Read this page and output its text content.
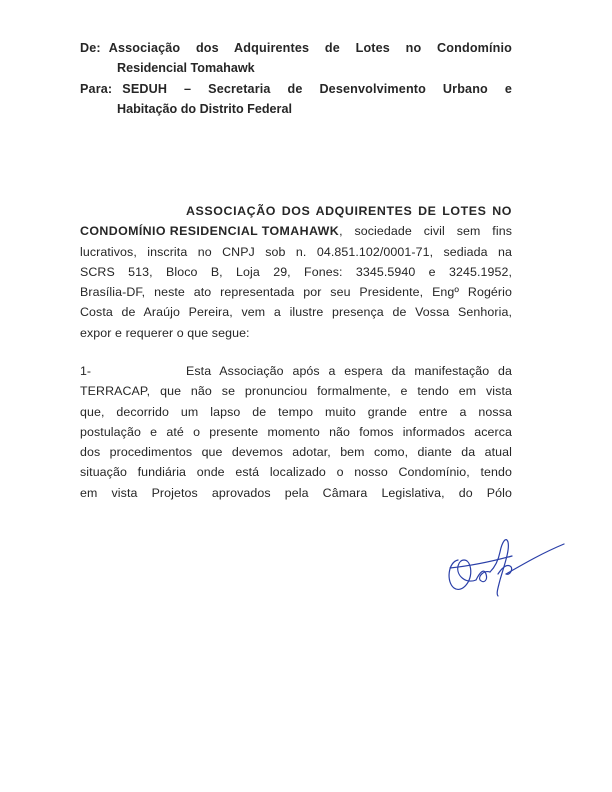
De: Associação dos Adquirentes de Lotes no Condomínio
Residencial Tomahawk
Para: SEDUH – Secretaria de Desenvolvimento Urbano e
Habitação do Distrito Federal
ASSOCIAÇÃO DOS ADQUIRENTES DE LOTES NO
CONDOMÍNIO RESIDENCIAL TOMAHAWK , sociedade civil sem fins
lucrativos, inscrita no CNPJ sob n. 04.851.102/0001-71, sediada na
SCRS 513, Bloco B, Loja 29, Fones: 3345.5940 e 3245.1952,
Brasília-DF, neste ato representada por seu Presidente, Engº Rogério
Costa de Araújo Pereira, vem a ilustre presença de Vossa Senhoria,
expor e requerer o que segue:
1-	Esta Associação após a espera da manifestação da
TERRACAP, que não se pronunciou formalmente, e tendo em vista
que, decorrido um lapso de tempo muito grande entre a nossa
postulação e até o presente momento não fomos informados acerca
dos procedimentos que devemos adotar, bem como, diante da atual
situação fundiária onde está localizado o nosso Condomínio, tendo
em vista Projetos aprovados pela Câmara Legislativa, do Pólo
